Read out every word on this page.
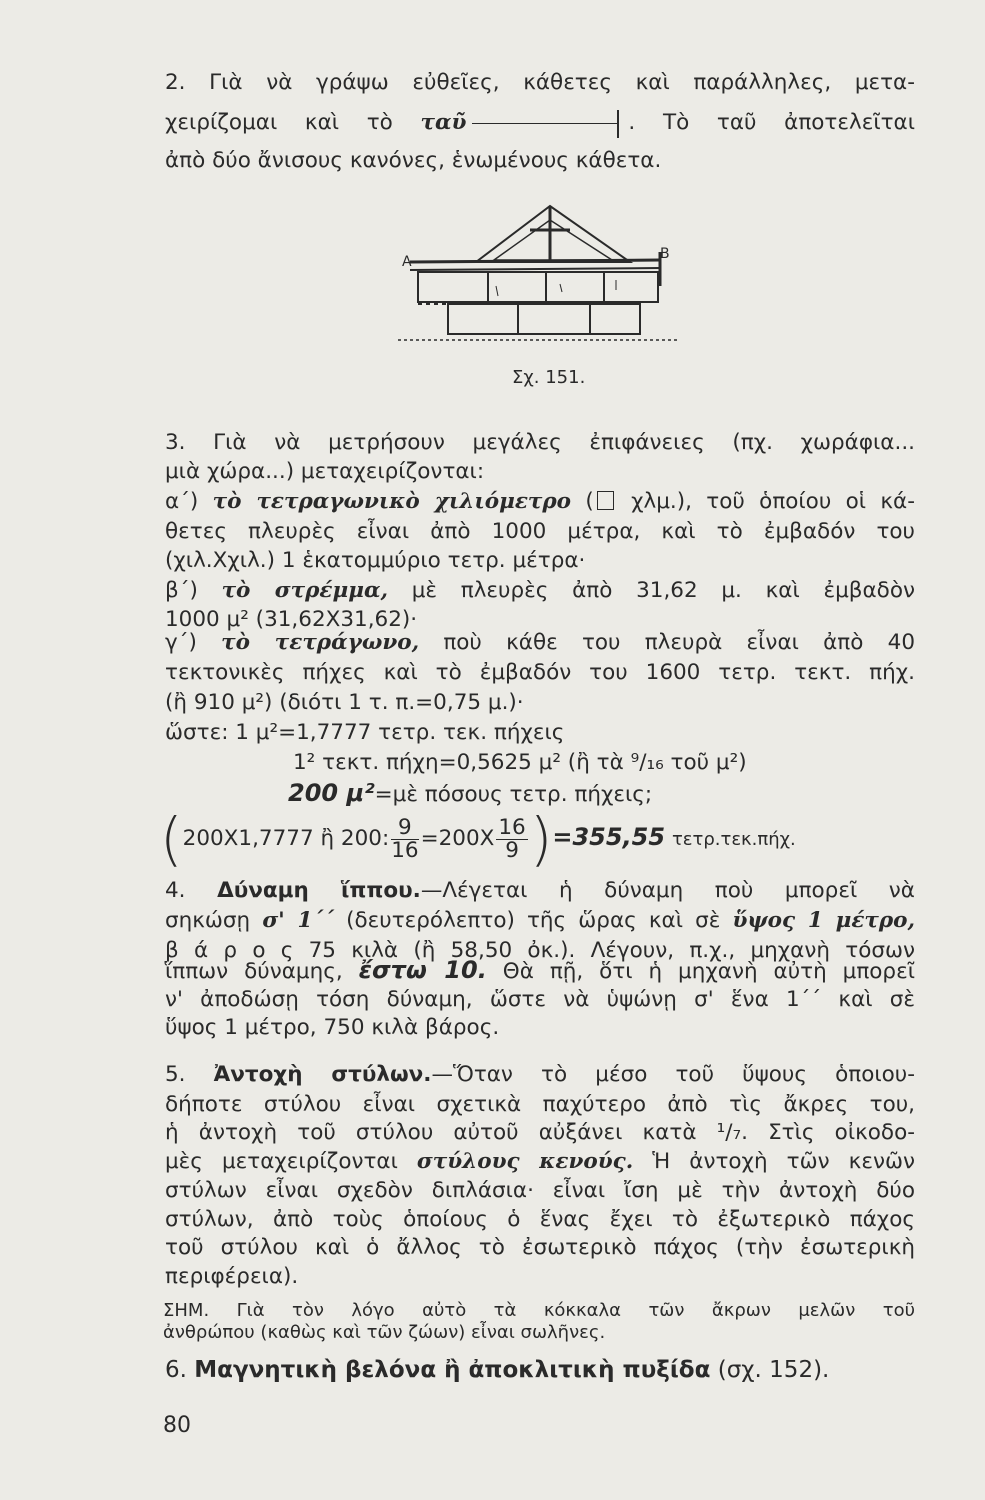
2. Γιὰ νὰ γράψω εὐθεῖες, κάθετες καὶ παράλληλες, μετα-
χειρίζομαι καὶ τὸ ταῦ	. Τὸ ταῦ ἀποτελεῖται
ἀπὸ δύο ἄνισους κανόνες, ἑνωμένους κάθετα.
Α	Β
Σχ. 151.
3. Γιὰ νὰ μετρήσουν μεγάλες ἐπιφάνειες (πχ. χωράφια...
μιὰ χώρα...) μεταχειρίζονται:
α΄) τὸ τετραγωνικὸ χιλιόμετρο ( χλμ.), τοῦ ὁποίου οἱ κά-
θετες πλευρὲς εἶναι ἀπὸ 1000 μέτρα, καὶ τὸ ἐμβαδόν του
(χιλ.Χχιλ.) 1 ἑκατομμύριο τετρ. μέτρα·
β΄) τὸ στρέμμα, μὲ πλευρὲς ἀπὸ 31,62 μ. καὶ ἐμβαδὸν
1000 μ² (31,62Χ31,62)·
γ΄) τὸ τετράγωνο, ποὺ κάθε του πλευρὰ εἶναι ἀπὸ 40
τεκτονικὲς πήχες καὶ τὸ ἐμβαδόν του 1600 τετρ. τεκτ. πήχ.
(ἢ 910 μ²) (διότι 1 τ. π.=0,75 μ.)·
ὥστε: 1 μ²=1,7777 τετρ. τεκ. πήχεις
1² τεκτ. πήχη=0,5625 μ² (ἢ τὰ ⁹/₁₆ τοῦ μ²)
200 μ²=μὲ πόσους τετρ. πήχεις;
(200Χ1,7777 ἢ 200: $\frac{9}{16} =200X \frac{16}{9} )=355,55$ τετρ.τεκ.πήχ.
4. Δύναμη ἵππου.—Λέγεται ἡ δύναμη ποὺ μπορεῖ νὰ
σηκώσῃ σ' 1΄΄ (δευτερόλεπτο) τῆς ὥρας καὶ σὲ ὕψος 1 μέτρο,
β ά ρ ο ς 75 κιλὰ (ἢ 58,50 ὀκ.). Λέγουν, π.χ., μηχανὴ τόσων
ἵππων δύναμης, ἔστω 10. Θὰ πῇ, ὅτι ἡ μηχανὴ αὐτὴ μπορεῖ
ν' ἀποδώσῃ τόση δύναμη, ὥστε νὰ ὑψώνῃ σ' ἕνα 1΄΄ καὶ σὲ
ὕψος 1 μέτρο, 750 κιλὰ βάρος.
5. Ἀντοχὴ στύλων.—Ὅταν τὸ μέσο τοῦ ὕψους ὁποιου-
δήποτε στύλου εἶναι σχετικὰ παχύτερο ἀπὸ τὶς ἄκρες του,
ἡ ἀντοχὴ τοῦ στύλου αὐτοῦ αὐξάνει κατὰ ¹/₇. Στὶς οἰκοδο-
μὲς μεταχειρίζονται στύλους κενούς. Ἡ ἀντοχὴ τῶν κενῶν
στύλων εἶναι σχεδὸν διπλάσια· εἶναι ἴση μὲ τὴν ἀντοχὴ δύο
στύλων, ἀπὸ τοὺς ὁποίους ὁ ἕνας ἔχει τὸ ἐξωτερικὸ πάχος
τοῦ στύλου καὶ ὁ ἄλλος τὸ ἐσωτερικὸ πάχος (τὴν ἐσωτερικὴ
περιφέρεια).
ΣΗΜ. Γιὰ τὸν λόγο αὐτὸ τὰ κόκκαλα τῶν ἄκρων μελῶν τοῦ
ἀνθρώπου (καθὼς καὶ τῶν ζώων) εἶναι σωλῆνες.
6. Μαγνητικὴ βελόνα ἢ ἀποκλιτικὴ πυξίδα (σχ. 152).
80
